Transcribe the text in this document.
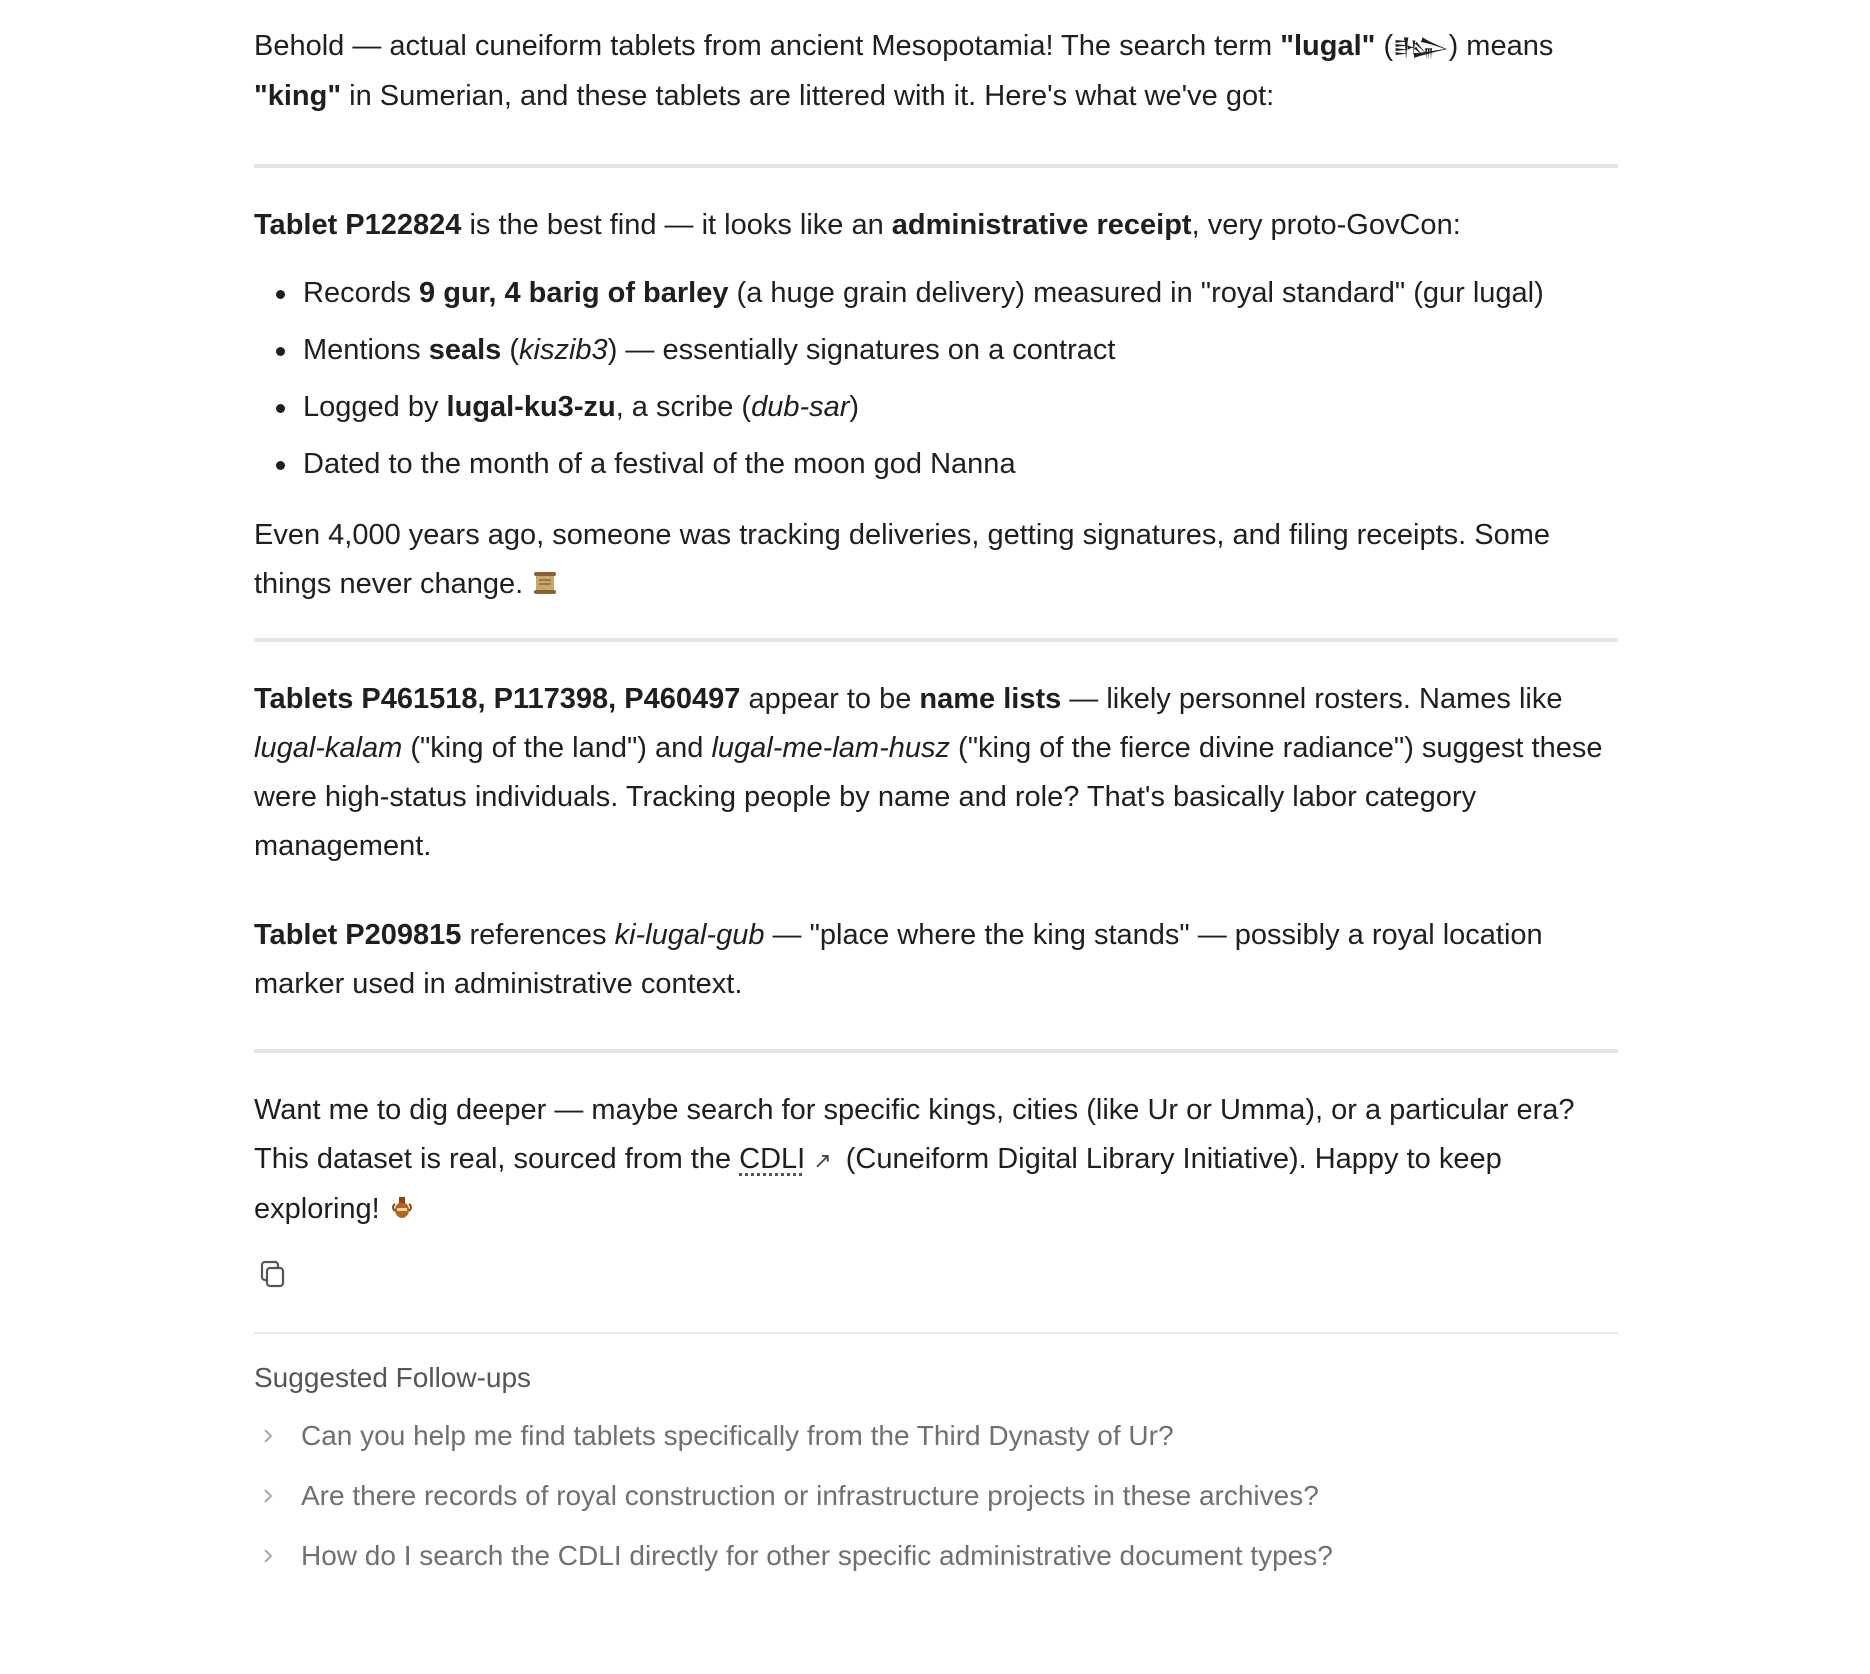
Behold — actual cuneiform tablets from ancient Mesopotamia! The search term "lugal" (𒈗) means
"king" in Sumerian, and these tablets are littered with it. Here's what we've got:

Tablet P122824 is the best find — it looks like an administrative receipt, very proto-GovCon:

Records 9 gur, 4 barig of barley (a huge grain delivery) measured in "royal standard" (gur lugal)
Mentions seals (kiszib3) — essentially signatures on a contract
Logged by lugal-ku3-zu, a scribe (dub-sar)
Dated to the month of a festival of the moon god Nanna

Even 4,000 years ago, someone was tracking deliveries, getting signatures, and filing receipts. Some things never change.

Tablets P461518, P117398, P460497 appear to be name lists — likely personnel rosters. Names like lugal-kalam ("king of the land") and lugal-me-lam-husz ("king of the fierce divine radiance") suggest these were high-status individuals. Tracking people by name and role? That's basically labor category management.

Tablet P209815 references ki-lugal-gub — "place where the king stands" — possibly a royal location marker used in administrative context.

Want me to dig deeper — maybe search for specific kings, cities (like Ur or Umma), or a particular era? This dataset is real, sourced from the CDLI ↗ (Cuneiform Digital Library Initiative). Happy to keep exploring!

Suggested Follow-ups
Can you help me find tablets specifically from the Third Dynasty of Ur?
Are there records of royal construction or infrastructure projects in these archives?
How do I search the CDLI directly for other specific administrative document types?
